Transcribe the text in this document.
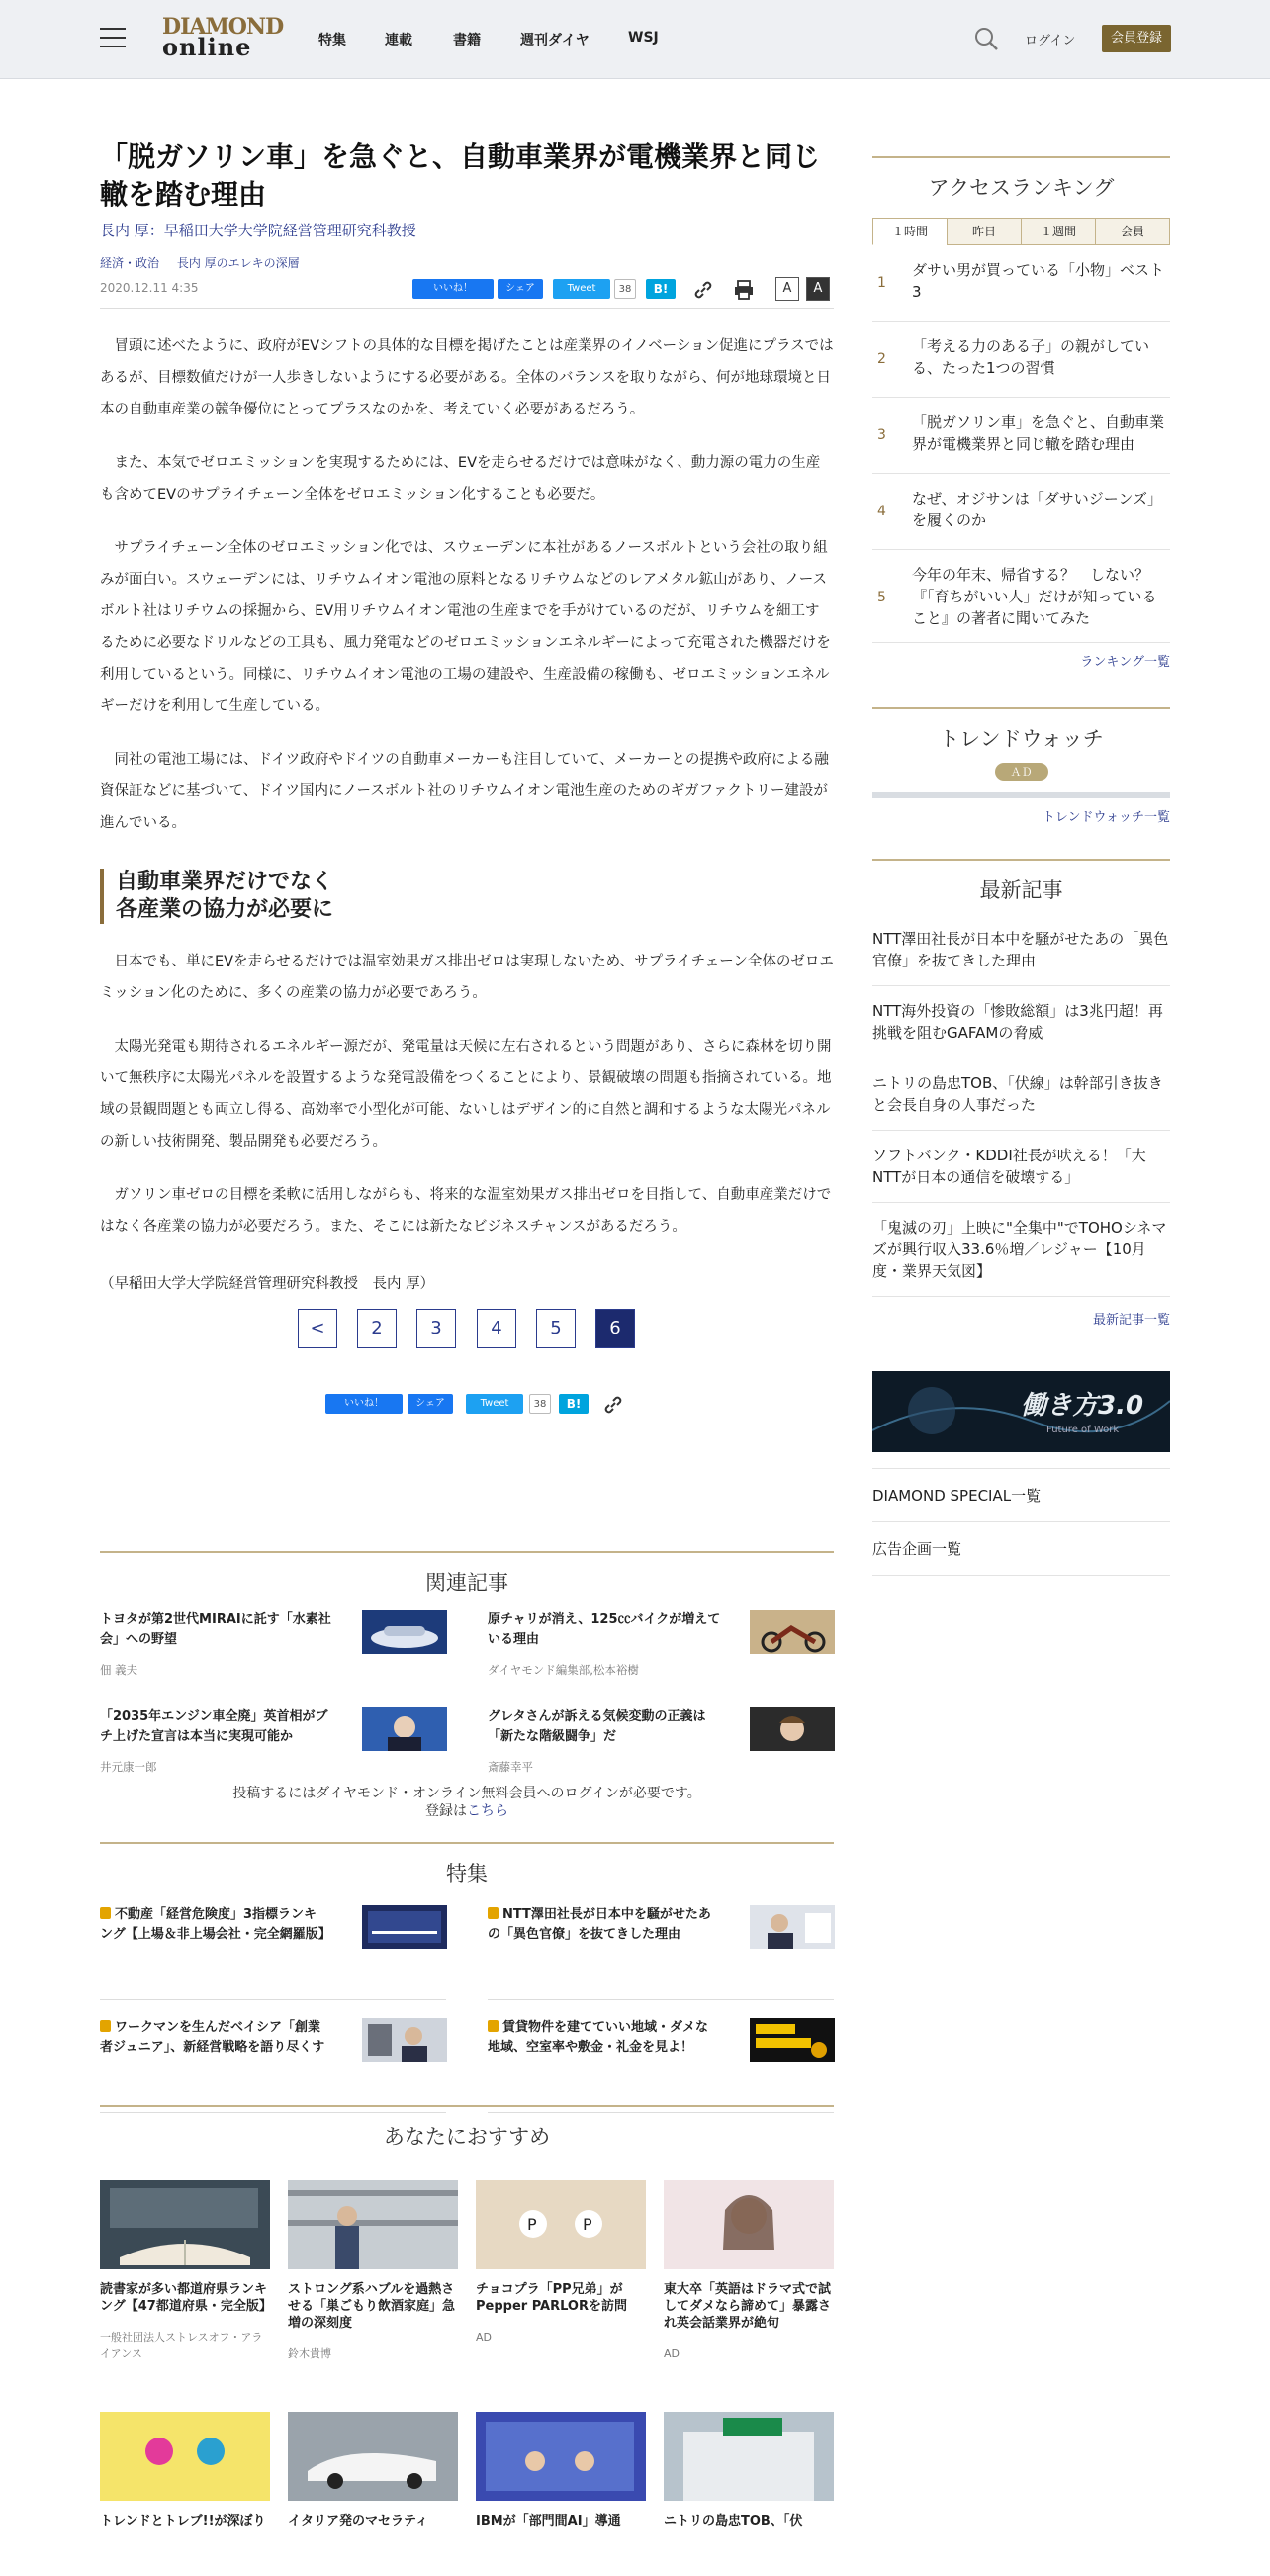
DIAMOND
online	特集	連載	書籍	週刊ダイヤ	WSJ	ログイン	会員登録
「脱ガソリン車」を急ぐと、自動車業界が電機業界と同じ轍を踏む理由
長内 厚：早稲田大学大学院経営管理研究科教授
経済・政治 長内 厚のエレキの深層
2020.12.11 4:35	いいね！	シェア	Tweet	38	B!	A	A

冒頭に述べたように、政府がEVシフトの具体的な目標を掲げたことは産業界のイノベーション促進にプラスではあるが、目標数値だけが一人歩きしないようにする必要がある。全体のバランスを取りながら、何が地球環境と日本の自動車産業の競争優位にとってプラスなのかを、考えていく必要があるだろう。

また、本気でゼロエミッションを実現するためには、EVを走らせるだけでは意味がなく、動力源の電力の生産も含めてEVのサプライチェーン全体をゼロエミッション化することも必要だ。

サプライチェーン全体のゼロエミッション化では、スウェーデンに本社があるノースボルトという会社の取り組みが面白い。スウェーデンには、リチウムイオン電池の原料となるリチウムなどのレアメタル鉱山があり、ノースボルト社はリチウムの採掘から、EV用リチウムイオン電池の生産までを手がけているのだが、リチウムを細工するために必要なドリルなどの工具も、風力発電などのゼロエミッションエネルギーによって充電された機器だけを利用しているという。同様に、リチウムイオン電池の工場の建設や、生産設備の稼働も、ゼロエミッションエネルギーだけを利用して生産している。

同社の電池工場には、ドイツ政府やドイツの自動車メーカーも注目していて、メーカーとの提携や政府による融資保証などに基づいて、ドイツ国内にノースボルト社のリチウムイオン電池生産のためのギガファクトリー建設が進んでいる。

自動車業界だけでなく
各産業の協力が必要に

日本でも、単にEVを走らせるだけでは温室効果ガス排出ゼロは実現しないため、サプライチェーン全体のゼロエミッション化のために、多くの産業の協力が必要であろう。

太陽光発電も期待されるエネルギー源だが、発電量は天候に左右されるという問題があり、さらに森林を切り開いて無秩序に太陽光パネルを設置するような発電設備をつくることにより、景観破壊の問題も指摘されている。地域の景観問題とも両立し得る、高効率で小型化が可能、ないしはデザイン的に自然と調和するような太陽光パネルの新しい技術開発、製品開発も必要だろう。

ガソリン車ゼロの目標を柔軟に活用しながらも、将来的な温室効果ガス排出ゼロを目指して、自動車産業だけではなく各産業の協力が必要だろう。また、そこには新たなビジネスチャンスがあるだろう。

（早稲田大学大学院経営管理研究科教授　長内 厚）

<	2	3	4	5	6
いいね！	シェア	Tweet	38	B!
関連記事
トヨタが第2世代MIRAIに託す「水素社会」への野望
佃 義夫
原チャリが消え、125㏄バイクが増えている理由
ダイヤモンド編集部,松本裕樹
「2035年エンジン車全廃」英首相がブチ上げた宣言は本当に実現可能か
井元康一郎
グレタさんが訴える気候変動の正義は「新たな階級闘争」だ
斎藤幸平
投稿するにはダイヤモンド・オンライン無料会員へのログインが必要です。
登録はこちら
特集
不動産「経営危険度」3指標ランキング【上場＆非上場会社・完全網羅版】
NTT澤田社長が日本中を騒がせたあの「異色官僚」を抜てきした理由
ワークマンを生んだベイシア「創業者ジュニア」、新経営戦略を語り尽くす
賃貸物件を建てていい地域・ダメな地域、空室率や敷金・礼金を見よ！
あなたにおすすめ
読書家が多い都道府県ランキング【47都道府県・完全版】
一般社団法人ストレスオフ・アライアンス
ストロング系ハブルを過熱させる「巣ごもり飲酒家庭」急増の深刻度
鈴木貴博
P	P
チョコプラ「PP兄弟」がPepper PARLORを訪問
AD
東大卒「英語はドラマ式で試してダメなら諦めて」暴露され英会話業界が絶句
AD
トレンドとトレブ!!が深ぼり	イタリア発のマセラティ	IBMが「部門間AI」導通	ニトリの島忠TOB、「伏
アクセスランキング
１時間	昨日	１週間	会員
1
ダサい男が買っている「小物」ベスト3
2
「考える力のある子」の親がしている、たった1つの習慣
3
「脱ガソリン車」を急ぐと、自動車業界が電機業界と同じ轍を踏む理由
4
なぜ、オジサンは「ダサいジーンズ」を履くのか
5
今年の年末、帰省する？　しない？『「育ちがいい人」だけが知っていること』の著者に聞いてみた
ランキング一覧
トレンドウォッチ
ＡＤ
トレンドウォッチ一覧
最新記事
NTT澤田社長が日本中を騒がせたあの「異色官僚」を抜てきした理由
NTT海外投資の「惨敗総額」は3兆円超！再挑戦を阻むGAFAMの脅威
ニトリの島忠TOB、「伏線」は幹部引き抜きと会長自身の人事だった
ソフトバンク・KDDI社長が吠える！「大NTTが日本の通信を破壊する」
「鬼滅の刃」上映に"全集中"でTOHOシネマズが興行収入33.6％増／レジャー【10月度・業界天気図】
最新記事一覧
働き方3.0
Future of Work
DIAMOND SPECIAL一覧
広告企画一覧
